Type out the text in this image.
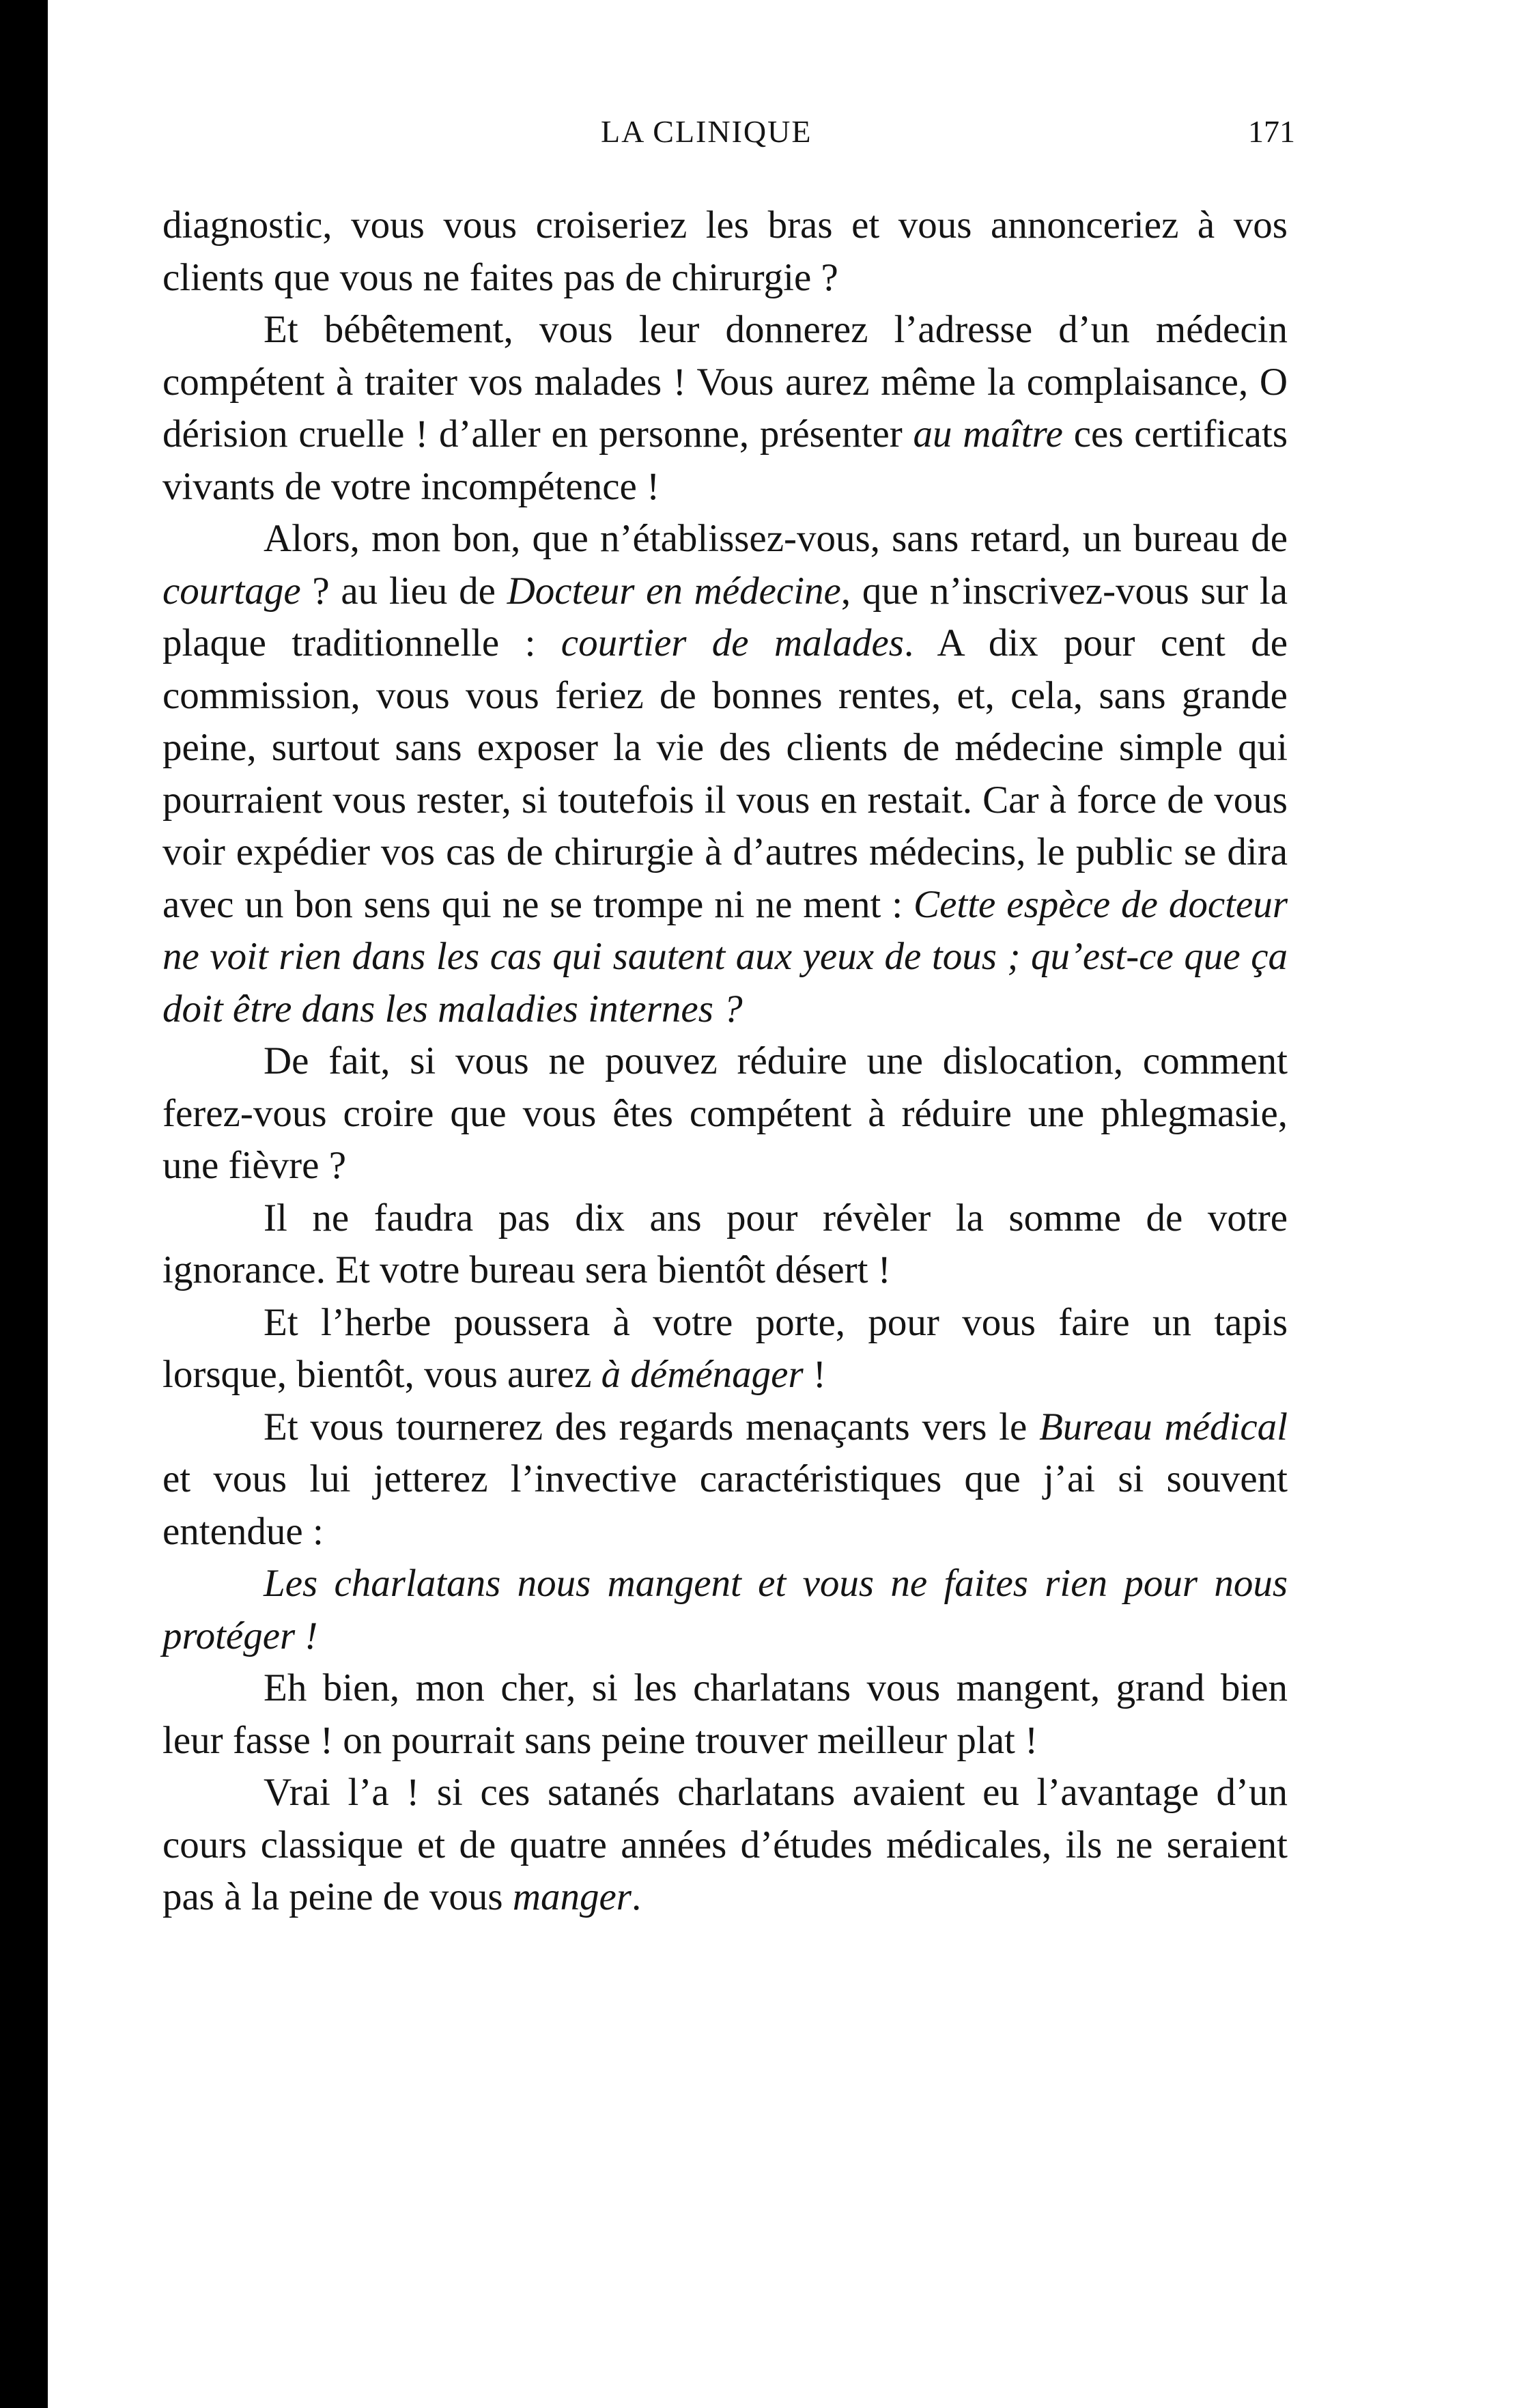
LA CLINIQUE	171

diagnostic, vous vous croiseriez les bras et vous annonceriez à vos clients que vous ne faites pas de chirurgie ?

Et bébêtement, vous leur donnerez l’adresse d’un médecin compétent à traiter vos malades ! Vous aurez même la complaisance, O dérision cruelle ! d’aller en personne, présenter au maître ces certificats vivants de votre incompétence !

Alors, mon bon, que n’établissez-vous, sans retard, un bureau de courtage ? au lieu de Docteur en médecine, que n’inscrivez-vous sur la plaque traditionnelle : courtier de malades. A dix pour cent de commission, vous vous feriez de bonnes rentes, et, cela, sans grande peine, surtout sans exposer la vie des clients de médecine simple qui pourraient vous rester, si toutefois il vous en restait. Car à force de vous voir expédier vos cas de chirurgie à d’autres médecins, le public se dira avec un bon sens qui ne se trompe ni ne ment : Cette espèce de docteur ne voit rien dans les cas qui sautent aux yeux de tous ; qu’est-ce que ça doit être dans les maladies internes ?

De fait, si vous ne pouvez réduire une dislocation, comment ferez-vous croire que vous êtes compétent à réduire une phlegmasie, une fièvre ?

Il ne faudra pas dix ans pour révèler la somme de votre ignorance. Et votre bureau sera bientôt désert !

Et l’herbe poussera à votre porte, pour vous faire un tapis lorsque, bientôt, vous aurez à déménager !

Et vous tournerez des regards menaçants vers le Bureau médical et vous lui jetterez l’invective caractéristiques que j’ai si souvent entendue :

Les charlatans nous mangent et vous ne faites rien pour nous protéger !

Eh bien, mon cher, si les charlatans vous mangent, grand bien leur fasse ! on pourrait sans peine trouver meilleur plat !

Vrai l’a ! si ces satanés charlatans avaient eu l’avantage d’un cours classique et de quatre années d’études médicales, ils ne seraient pas à la peine de vous manger.
